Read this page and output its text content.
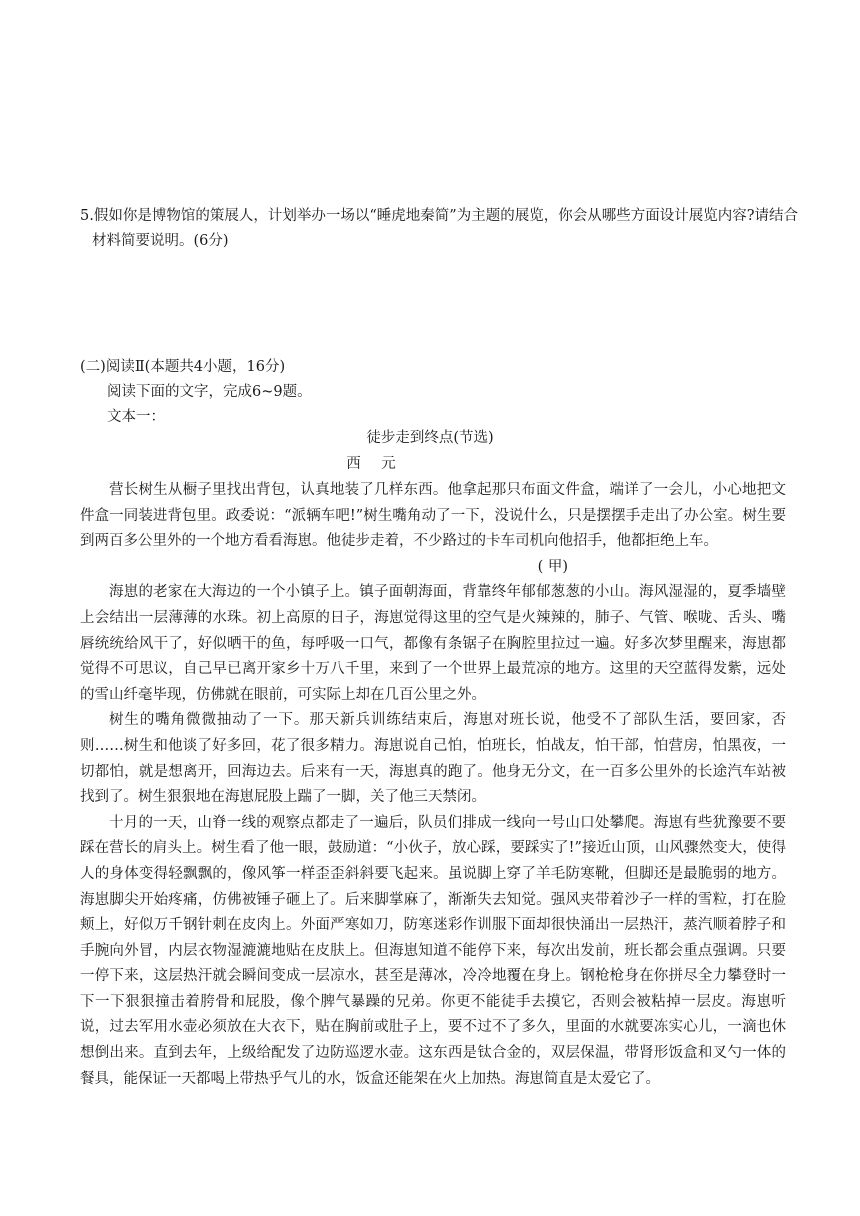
5.假如你是博物馆的策展人，计划举办一场以“睡虎地秦简”为主题的展览，你会从哪些方面设计展览内容?请结合材料简要说明。(6分)
(二)阅读Ⅱ(本题共4小题，16分)
阅读下面的文字，完成6~9题。
文本一：
徒步走到终点(节选)
西 元

营长树生从橱子里找出背包，认真地装了几样东西。他拿起那只布面文件盒，端详了一会儿，小心地把文件盒一同装进背包里。政委说：“派辆车吧!”树生嘴角动了一下，没说什么，只是摆摆手走出了办公室。树生要到两百多公里外的一个地方看看海崽。他徒步走着，不少路过的卡车司机向他招手，他都拒绝上车。

( 甲)

海崽的老家在大海边的一个小镇子上。镇子面朝海面，背靠终年郁郁葱葱的小山。海风湿湿的，夏季墙壁上会结出一层薄薄的水珠。初上高原的日子，海崽觉得这里的空气是火辣辣的，肺子、气管、喉咙、舌头、嘴唇统统给风干了，好似晒干的鱼，每呼吸一口气，都像有条锯子在胸腔里拉过一遍。好多次梦里醒来，海崽都觉得不可思议，自己早已离开家乡十万八千里，来到了一个世界上最荒凉的地方。这里的天空蓝得发紫，远处的雪山纤毫毕现，仿佛就在眼前，可实际上却在几百公里之外。

树生的嘴角微微抽动了一下。那天新兵训练结束后，海崽对班长说，他受不了部队生活，要回家，否则……树生和他谈了好多回，花了很多精力。海崽说自己怕，怕班长，怕战友，怕干部，怕营房，怕黑夜，一切都怕，就是想离开，回海边去。后来有一天，海崽真的跑了。他身无分文，在一百多公里外的长途汽车站被找到了。树生狠狠地在海崽屁股上踹了一脚，关了他三天禁闭。

十月的一天，山脊一线的观察点都走了一遍后，队员们排成一线向一号山口处攀爬。海崽有些犹豫要不要踩在营长的肩头上。树生看了他一眼，鼓励道：“小伙子，放心踩，要踩实了!”接近山顶，山风骤然变大，使得人的身体变得轻飘飘的，像风筝一样歪歪斜斜要飞起来。虽说脚上穿了羊毛防寒靴，但脚还是最脆弱的地方。海崽脚尖开始疼痛，仿佛被锤子砸上了。后来脚掌麻了，渐渐失去知觉。强风夹带着沙子一样的雪粒，打在脸颊上，好似万千钢针刺在皮肉上。外面严寒如刀，防寒迷彩作训服下面却很快涌出一层热汗，蒸汽顺着脖子和手腕向外冒，内层衣物湿漉漉地贴在皮肤上。但海崽知道不能停下来，每次出发前，班长都会重点强调。只要一停下来，这层热汗就会瞬间变成一层凉水，甚至是薄冰，冷冷地覆在身上。钢枪枪身在你拼尽全力攀登时一下一下狠狠撞击着胯骨和屁股，像个脾气暴躁的兄弟。你更不能徒手去摸它，否则会被粘掉一层皮。海崽听说，过去军用水壶必须放在大衣下，贴在胸前或肚子上，要不过不了多久，里面的水就要冻实心儿，一滴也休想倒出来。直到去年，上级给配发了边防巡逻水壶。这东西是钛合金的，双层保温，带肾形饭盒和叉勺一体的餐具，能保证一天都喝上带热乎气儿的水，饭盒还能架在火上加热。海崽简直是太爱它了。
